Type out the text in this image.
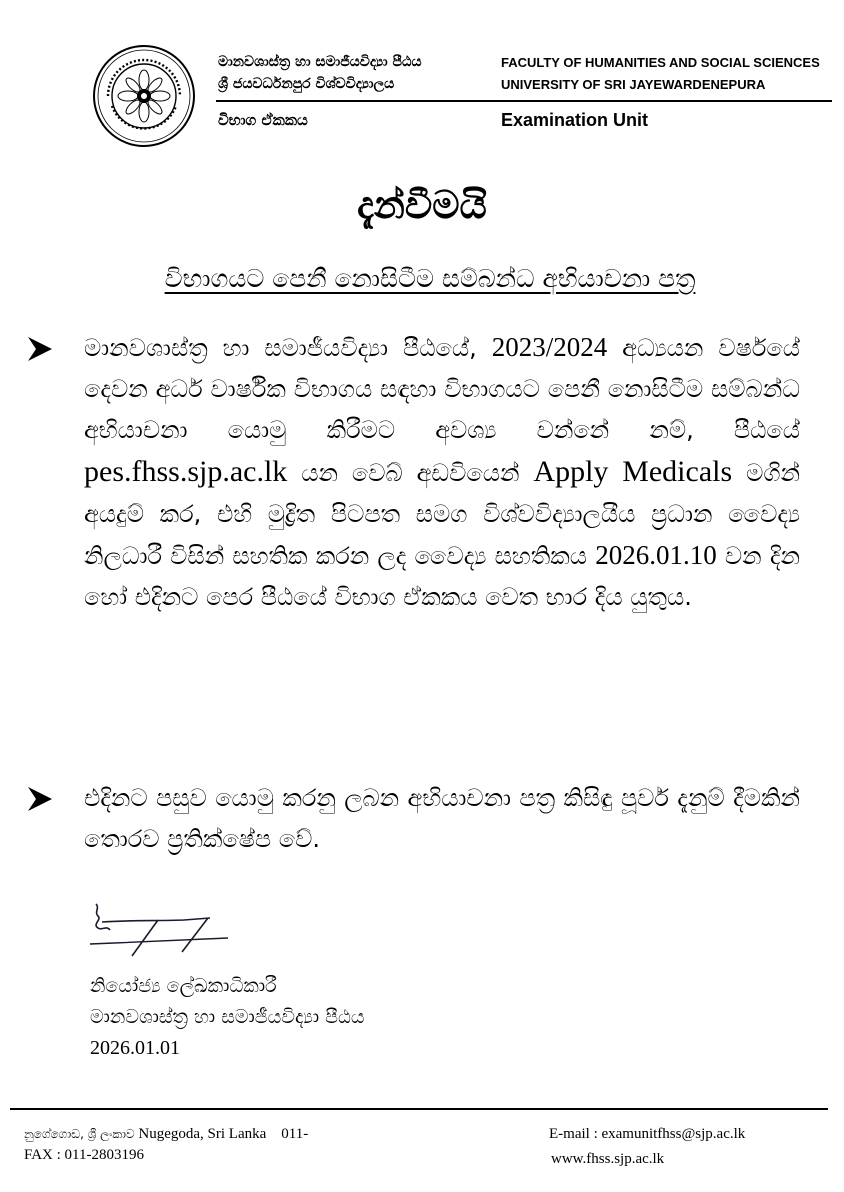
මානවශාස්ත්‍ර හා සමාජීයවිද්‍යා පීඨය
ශ්‍රී ජයවර්ධනපුර විශ්වවිද්‍යාලය
FACULTY OF HUMANITIES AND SOCIAL SCIENCES
UNIVERSITY OF SRI JAYEWARDENEPURA
විභාග ඒකකය	Examination Unit
දැන්වීමයි
විභාගයට පෙනී නොසිටීම සම්බන්ධ අභියාචනා පත්‍ර
මානවශාස්ත්‍ර හා සමාජීයවිද්‍යා පීඨයේ, 2023/2024 අධ්‍යයන වර්ෂයේ දෙවන අර්ධ වාර්ෂික විභාගය සඳහා විභාගයට පෙනී නොසිටීම සම්බන්ධ අභියාචනා යොමු කිරීමට අවශ්‍ය වන්නේ නම්, පීඨයේ pes.fhss.sjp.ac.lk යන වෙබ් අඩවියෙන් Apply Medicals මගින් අයදුම් කර, එහි මුද්‍රිත පිටපත සමග විශ්වවිද්‍යාලයීය ප්‍රධාන වෛද්‍ය නිලධාරී විසින් සහතික කරන ලද වෛද්‍ය සහතිකය 2026.01.10 වන දින හෝ එදිනට පෙර පීඨයේ විභාග ඒකකය වෙත භාර දිය යුතුය.
එදිනට පසුව යොමු කරනු ලබන අභියාචනා පත්‍ර කිසිඳු පූර්ව දැනුම් දීමකින් තොරව ප්‍රතික්ෂේප වේ.
නියෝජ්‍ය ලේඛකාධිකාරී
මානවශාස්ත්‍ර හා සමාජීයවිද්‍යා පීඨය
2026.01.01
නුගේගොඩ, ශ්‍රී ලංකාව Nugegoda, Sri Lanka 011-
FAX : 011-2803196
E-mail : examunitfhss@sjp.ac.lk
www.fhss.sjp.ac.lk
